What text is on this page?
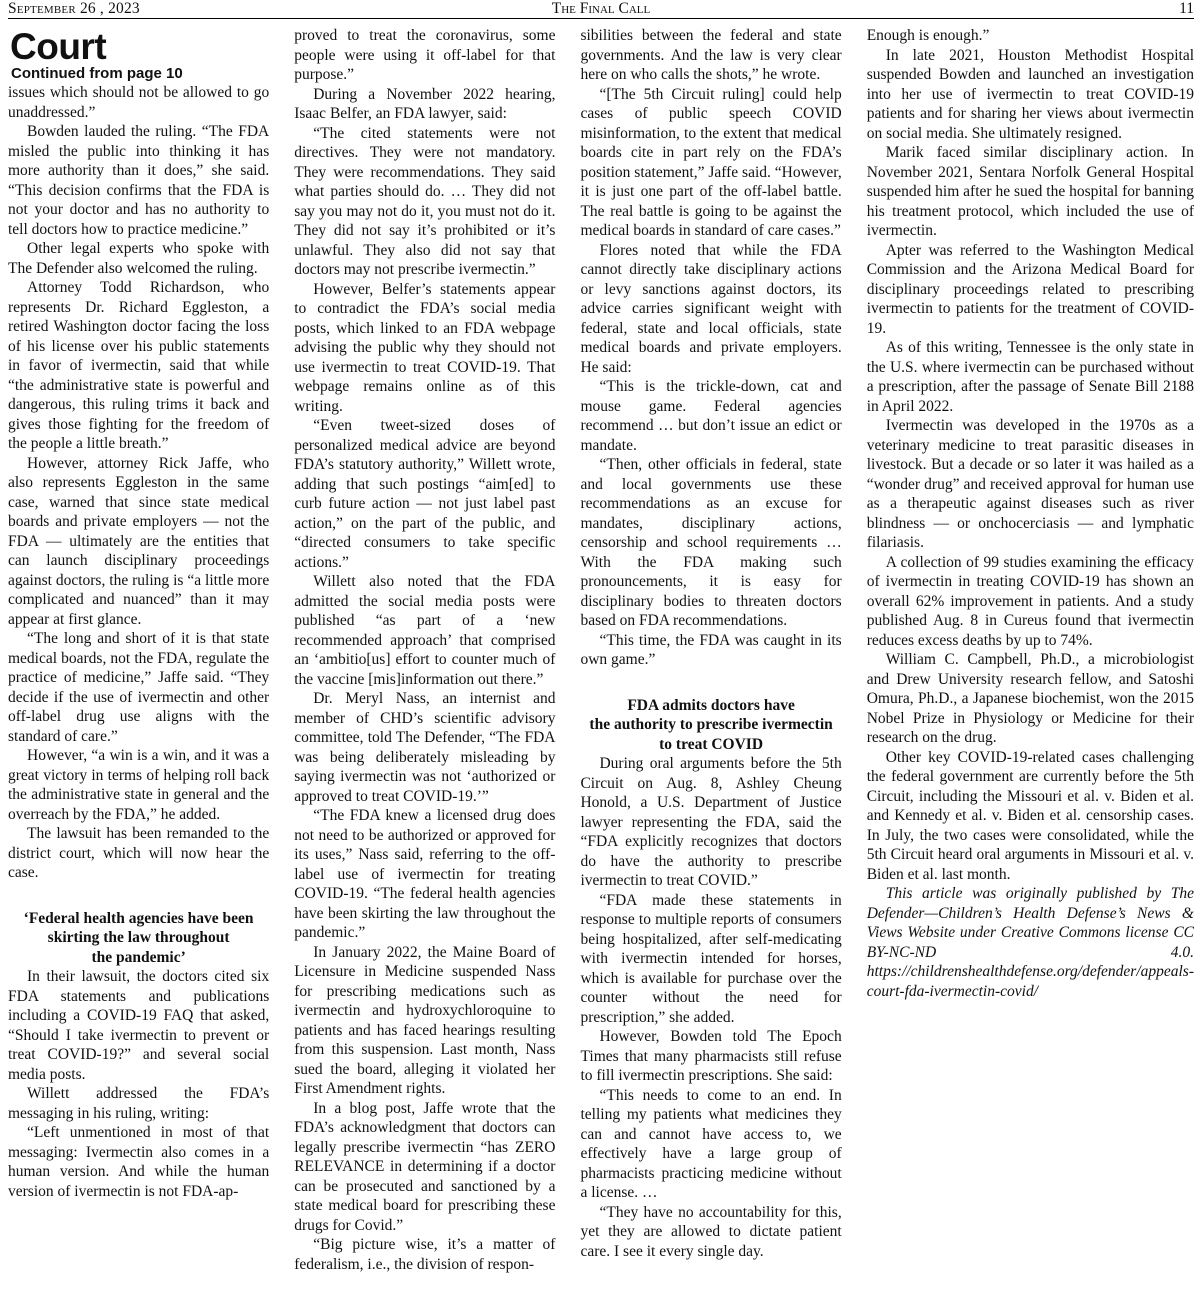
September 26 , 2023	The Final Call	11
Court
Continued from page 10

issues which should not be allowed to go unaddressed.”

Bowden lauded the ruling. “The FDA misled the public into thinking it has more authority than it does,” she said. “This decision confirms that the FDA is not your doctor and has no authority to tell doctors how to practice medicine.”

Other legal experts who spoke with The Defender also welcomed the ruling.

Attorney Todd Richardson, who represents Dr. Richard Eggleston, a retired Washington doctor facing the loss of his license over his public statements in favor of ivermectin, said that while “the administrative state is powerful and dangerous, this ruling trims it back and gives those fighting for the freedom of the people a little breath.”

However, attorney Rick Jaffe, who also represents Eggleston in the same case, warned that since state medical boards and private employers — not the FDA — ultimately are the entities that can launch disciplinary proceedings against doctors, the ruling is “a little more complicated and nuanced” than it may appear at first glance.

“The long and short of it is that state medical boards, not the FDA, regulate the practice of medicine,” Jaffe said. “They decide if the use of ivermectin and other off-label drug use aligns with the standard of care.”

However, “a win is a win, and it was a great victory in terms of helping roll back the administrative state in general and the overreach by the FDA,” he added.

The lawsuit has been remanded to the district court, which will now hear the case.

‘Federal health agencies have been
skirting the law throughout
the pandemic’

In their lawsuit, the doctors cited six FDA statements and publications including a COVID-19 FAQ that asked, “Should I take ivermectin to prevent or treat COVID-19?” and several social media posts.

Willett addressed the FDA’s messaging in his ruling, writing:

“Left unmentioned in most of that messaging: Ivermectin also comes in a human version. And while the human version of ivermectin is not FDA-ap-

proved to treat the coronavirus, some people were using it off-label for that purpose.”

During a November 2022 hearing, Isaac Belfer, an FDA lawyer, said:

“The cited statements were not directives. They were not mandatory. They were recommendations. They said what parties should do. … They did not say you may not do it, you must not do it. They did not say it’s prohibited or it’s unlawful. They also did not say that doctors may not prescribe ivermectin.”

However, Belfer’s statements appear to contradict the FDA’s social media posts, which linked to an FDA webpage advising the public why they should not use ivermectin to treat COVID-19. That webpage remains online as of this writing.

“Even tweet-sized doses of personalized medical advice are beyond FDA’s statutory authority,” Willett wrote, adding that such postings “aim[ed] to curb future action — not just label past action,” on the part of the public, and “directed consumers to take specific actions.”

Willett also noted that the FDA admitted the social media posts were published “as part of a ‘new recommended approach’ that comprised an ‘ambitio[us] effort to counter much of the vaccine [mis]information out there.”

Dr. Meryl Nass, an internist and member of CHD’s scientific advisory committee, told The Defender, “The FDA was being deliberately misleading by saying ivermectin was not ‘authorized or approved to treat COVID-19.’”

“The FDA knew a licensed drug does not need to be authorized or approved for its uses,” Nass said, referring to the off-label use of ivermectin for treating COVID-19. “The federal health agencies have been skirting the law throughout the pandemic.”

In January 2022, the Maine Board of Licensure in Medicine suspended Nass for prescribing medications such as ivermectin and hydroxychloroquine to patients and has faced hearings resulting from this suspension. Last month, Nass sued the board, alleging it violated her First Amendment rights.

In a blog post, Jaffe wrote that the FDA’s acknowledgment that doctors can legally prescribe ivermectin “has ZERO RELEVANCE in determining if a doctor can be prosecuted and sanctioned by a state medical board for prescribing these drugs for Covid.”

“Big picture wise, it’s a matter of federalism, i.e., the division of respon-

sibilities between the federal and state governments. And the law is very clear here on who calls the shots,” he wrote.

“[The 5th Circuit ruling] could help cases of public speech COVID misinformation, to the extent that medical boards cite in part rely on the FDA’s position statement,” Jaffe said. “However, it is just one part of the off-label battle. The real battle is going to be against the medical boards in standard of care cases.”

Flores noted that while the FDA cannot directly take disciplinary actions or levy sanctions against doctors, its advice carries significant weight with federal, state and local officials, state medical boards and private employers. He said:

“This is the trickle-down, cat and mouse game. Federal agencies recommend … but don’t issue an edict or mandate.

“Then, other officials in federal, state and local governments use these recommendations as an excuse for mandates, disciplinary actions, censorship and school requirements … With the FDA making such pronouncements, it is easy for disciplinary bodies to threaten doctors based on FDA recommendations.

“This time, the FDA was caught in its own game.”

FDA admits doctors have
the authority to prescribe ivermectin
to treat COVID

During oral arguments before the 5th Circuit on Aug. 8, Ashley Cheung Honold, a U.S. Department of Justice lawyer representing the FDA, said the “FDA explicitly recognizes that doctors do have the authority to prescribe ivermectin to treat COVID.”

“FDA made these statements in response to multiple reports of consumers being hospitalized, after self-medicating with ivermectin intended for horses, which is available for purchase over the counter without the need for prescription,” she added.

However, Bowden told The Epoch Times that many pharmacists still refuse to fill ivermectin prescriptions. She said:

“This needs to come to an end. In telling my patients what medicines they can and cannot have access to, we effectively have a large group of pharmacists practicing medicine without a license. …

“They have no accountability for this, yet they are allowed to dictate patient care. I see it every single day.

Enough is enough.”

In late 2021, Houston Methodist Hospital suspended Bowden and launched an investigation into her use of ivermectin to treat COVID-19 patients and for sharing her views about ivermectin on social media. She ultimately resigned.

Marik faced similar disciplinary action. In November 2021, Sentara Norfolk General Hospital suspended him after he sued the hospital for banning his treatment protocol, which included the use of ivermectin.

Apter was referred to the Washington Medical Commission and the Arizona Medical Board for disciplinary proceedings related to prescribing ivermectin to patients for the treatment of COVID-19.

As of this writing, Tennessee is the only state in the U.S. where ivermectin can be purchased without a prescription, after the passage of Senate Bill 2188 in April 2022.

Ivermectin was developed in the 1970s as a veterinary medicine to treat parasitic diseases in livestock. But a decade or so later it was hailed as a “wonder drug” and received approval for human use as a therapeutic against diseases such as river blindness — or onchocerciasis — and lymphatic filariasis.

A collection of 99 studies examining the efficacy of ivermectin in treating COVID-19 has shown an overall 62% improvement in patients. And a study published Aug. 8 in Cureus found that ivermectin reduces excess deaths by up to 74%.

William C. Campbell, Ph.D., a microbiologist and Drew University research fellow, and Satoshi Omura, Ph.D., a Japanese biochemist, won the 2015 Nobel Prize in Physiology or Medicine for their research on the drug.

Other key COVID-19-related cases challenging the federal government are currently before the 5th Circuit, including the Missouri et al. v. Biden et al. and Kennedy et al. v. Biden et al. censorship cases. In July, the two cases were consolidated, while the 5th Circuit heard oral arguments in Missouri et al. v. Biden et al. last month.

This article was originally published by The Defender—Children’s Health Defense’s News & Views Website under Creative Commons license CC BY-NC-ND 4.0. https://childrenshealthdefense.org/defender/appeals-court-fda-ivermectin-covid/
